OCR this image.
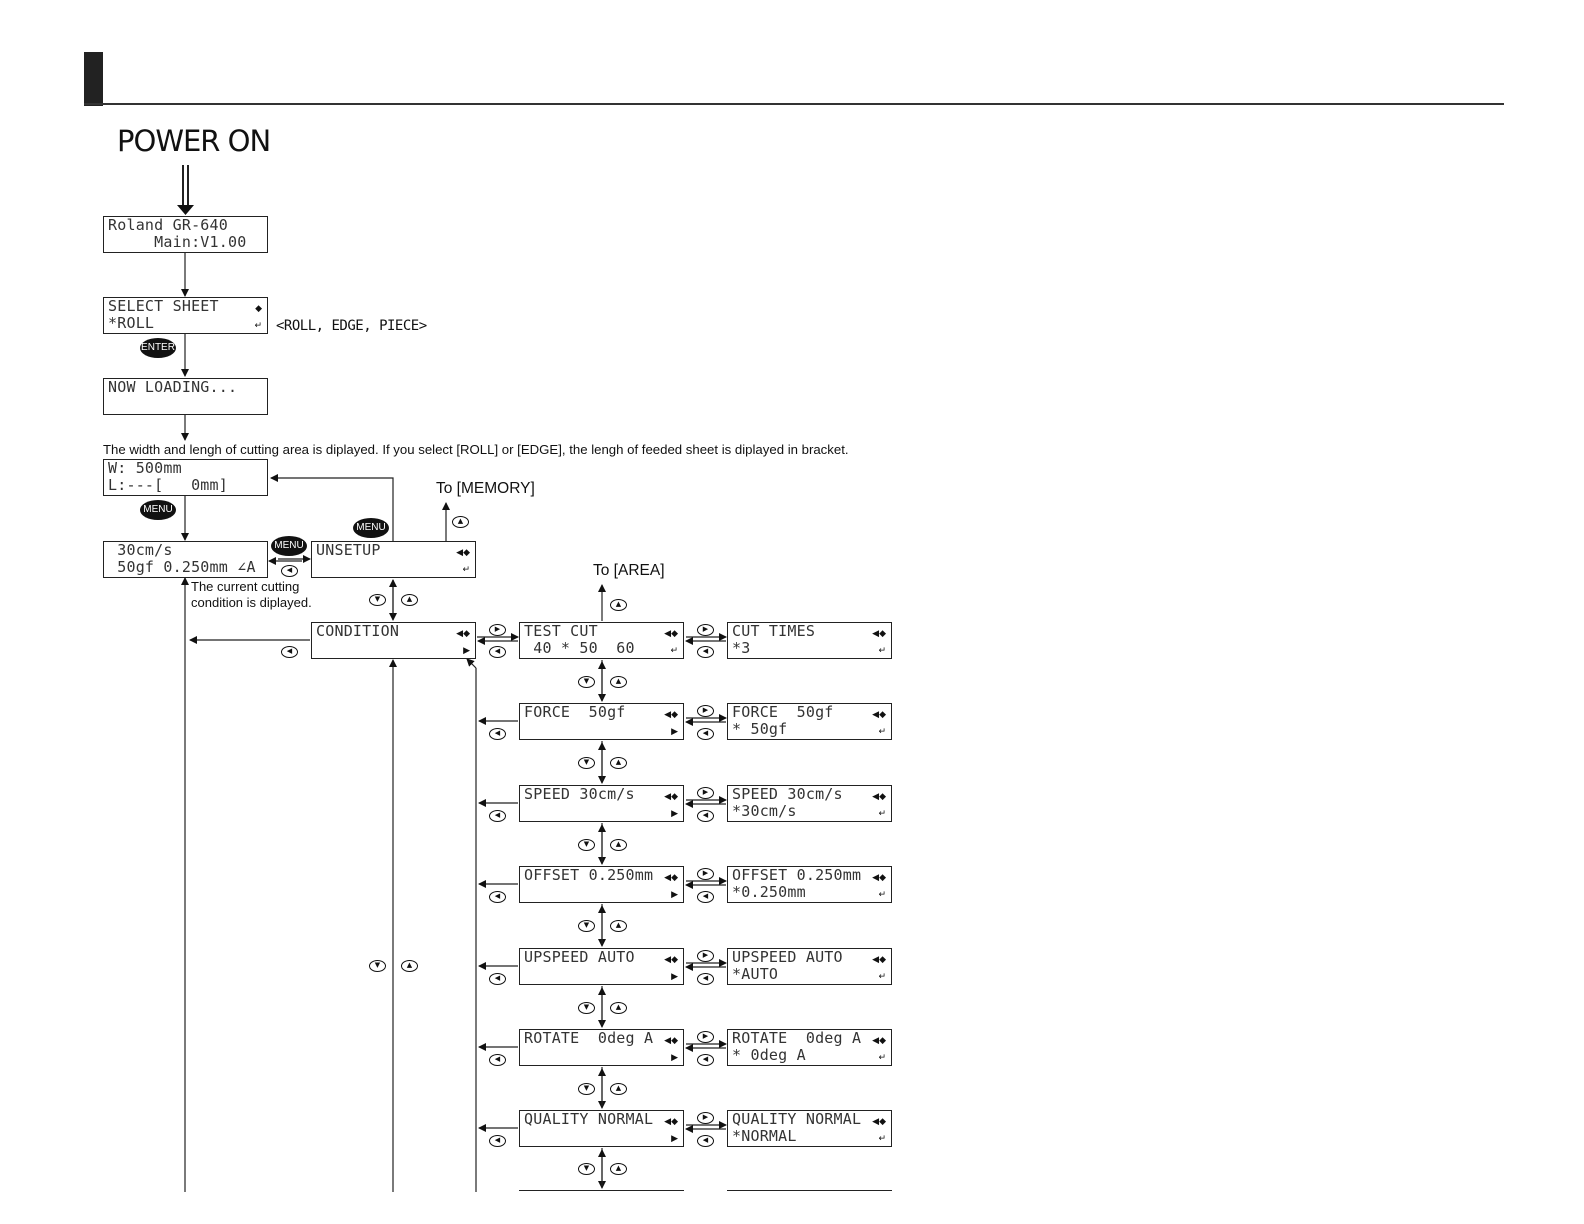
POWER ON
<ROLL, EDGE, PIECE>
The width and lengh of cutting area is diplayed. If you select [ROLL] or [EDGE], the lengh of feeded sheet is diplayed in bracket.
To [MEMORY]
To [AREA]
The current cutting
condition is diplayed.
Roland GR-640
Main:V1.00
SELECT SHEET
*ROLL
◆
↵
NOW LOADING...
W: 500mm
L:---[   0mm]
30cm/s
50gf 0.250mm ∠A
UNSETUP	◀◆
↵
CONDITION	◀◆
▶
TEST CUT
40 * 50  60
◀◆
↵
CUT TIMES
*3
◀◆
↵
▼	▲
FORCE  50gf	◀◆
▶
FORCE  50gf
* 50gf
◀◆
↵
◀
▶
◀
▼	▲
SPEED 30cm/s	◀◆
▶
SPEED 30cm/s
*30cm/s
◀◆
↵
◀
▶
◀
▼	▲
OFFSET 0.250mm	◀◆
▶
OFFSET 0.250mm
*0.250mm
◀◆
↵
◀
▶
◀
▼	▲
UPSPEED AUTO	◀◆
▶
UPSPEED AUTO
*AUTO
◀◆
↵
◀
▶
◀
▼	▲
ROTATE  0deg A	◀◆
▶
ROTATE  0deg A
* 0deg A
◀◆
↵
◀
▶
◀
▼	▲
QUALITY NORMAL	◀◆
▶
QUALITY NORMAL
*NORMAL
◀◆
↵
◀
▶
◀
▼	▲
ENTER
MENU
MENU
MENU
◀
▲
▼	▲
◀
▲
▶
◀
▶
◀
▼	▲
